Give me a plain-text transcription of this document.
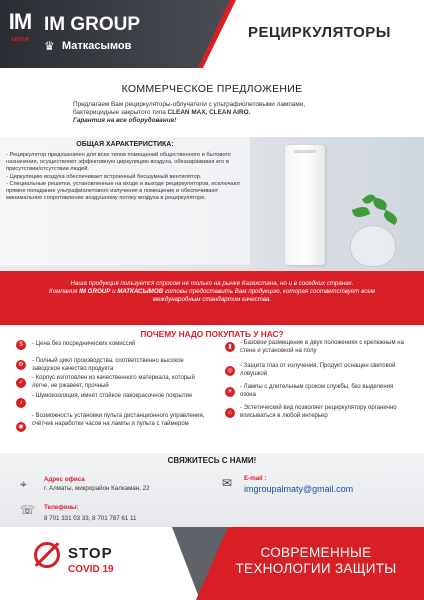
IM
GROUP
IM GROUP
♛ Маткасымов
РЕЦИРКУЛЯТОРЫ
КОММЕРЧЕСКОЕ ПРЕДЛОЖЕНИЕ
Предлагаем Вам рециркуляторы-облучатели с ультрафиолетовыми лампами,
бактерицидные закрытого типа CLEAN MAX, CLEAN AIRO.
Гарантия на все оборудование!
ОБЩАЯ ХАРАКТЕРИСТИКА:
- Рециркулятор предназначен для всех типов помещений общественного и бытового назначения, осуществляет эффективную циркуляцию воздуха, обеззараживая его в присутствии/отсутствии людей.
- Циркуляцию воздуха обеспечивает встроенный бесшумный вентилятор.
- Специальные решетки, установленные на входе и выходе рециркуляторов, исключают прямое попадание ультрафиолетового излучения в помещение и обеспечивают минимальное сопротивление воздушному потоку воздуха в рециркуляторе.
Наша продукция пользуется спросом не только на рынке Казахстана, но и в соседних странах.
Компания IM GROUP и МАТКАСЫМОВ готовы предоставить Вам продукцию, которая соответствует всем
международным стандартом качества.
ПОЧЕМУ НАДО ПОКУПАТЬ У НАС?
$	- Цена без посреднических комиссий
⚙
- Полный цикл производства, соответственно высокое заводское качество продукта
✓
- Корпус изготовлен из качественного материала, который легче, не ржавеет, прочный
♪
- Шумоизоляция, имеет стойкое лакокрасочное покрытие
◉
- Возможность установки пульта дистанционного управления, счётчик наработки часов на лампы и пульта с таймером
▮
- Базовое размещение в двух положениях с крепежным на стене и установкой на полу
◎
- Защита глаз от излучения. Продукт оснащен световой ловушкой
☀
- Лампы с длительным сроком службы, без выделения озона
⌂
- Эстетический вид позволяет рециркулятору органично вписываться в любой интерьер
СВЯЖИТЕСЬ С НАМИ!
⌖	Адрес офиса
г. Алматы, микрорайон Калкаман, 22
☏ Телефоны:
8 701 331 03 33, 8 701 787 61 11
✉ E-mail :
imgroupalmaty@gmail.com
STOP
COVID 19
СОВРЕМЕННЫЕ
ТЕХНОЛОГИИ ЗАЩИТЫ
